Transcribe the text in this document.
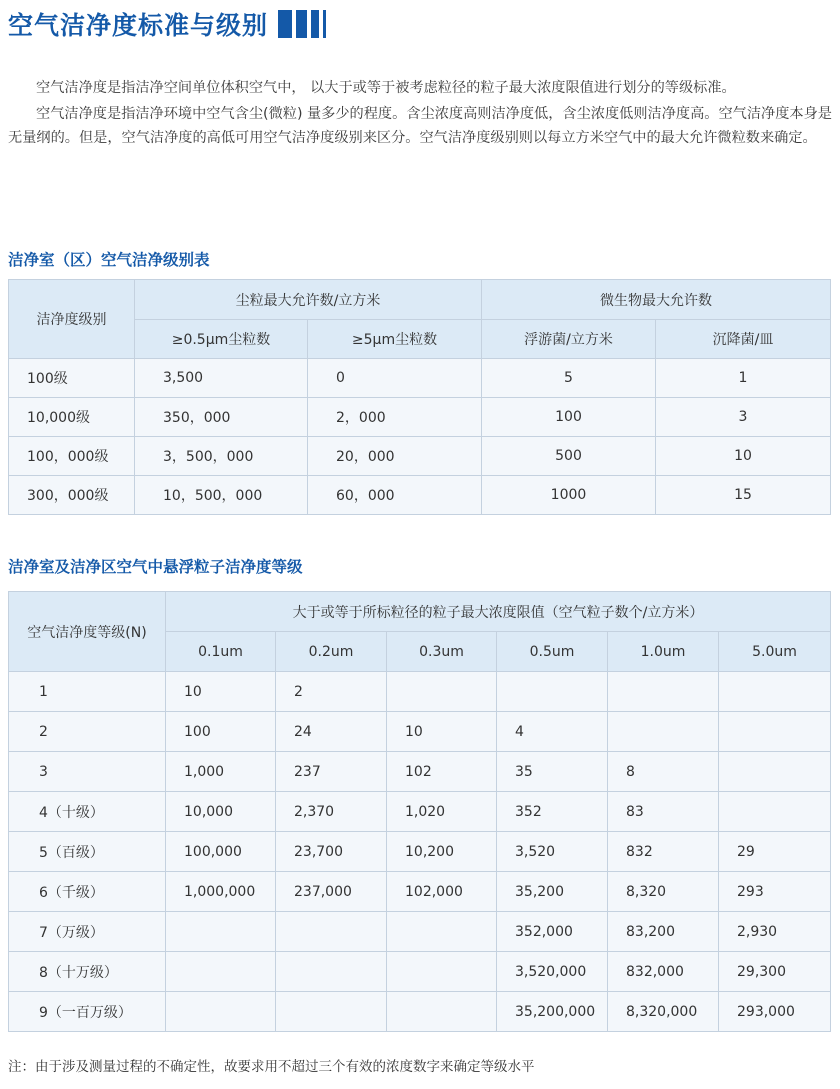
空气洁净度标准与级别

空气洁净度是指洁净空间单位体积空气中， 以大于或等于被考虑粒径的粒子最大浓度限值进行划分的等级标准。

空气洁净度是指洁净环境中空气含尘(微粒) 量多少的程度。含尘浓度高则洁净度低，含尘浓度低则洁净度高。空气洁净度本身是无量纲的。但是，空气洁净度的高低可用空气洁净度级别来区分。空气洁净度级别则以每立方米空气中的最大允许微粒数来确定。

洁净室（区）空气洁净级别表
洁净度级别	尘粒最大允许数/立方米		微生物最大允许数	
	≥0.5μm尘粒数	≥5μm尘粒数	浮游菌/立方米	沉降菌/皿
100级	3,500	0	5	1
10,000级	350，000	2，000	100	3
100，000级	3，500，000	20，000	500	10
300，000级	10，500，000	60，000	1000	15
洁净室及洁净区空气中悬浮粒子洁净度等级
空气洁净度等级(N)	大于或等于所标粒径的粒子最大浓度限值（空气粒子数个/立方米）					
	0.1um	0.2um	0.3um	0.5um	1.0um	5.0um
1	10	2				
2	100	24	10	4		
3	1,000	237	102	35	8	
4（十级）	10,000	2,370	1,020	352	83	
5（百级）	100,000	23,700	10,200	3,520	832	29
6（千级）	1,000,000	237,000	102,000	35,200	8,320	293
7（万级）				352,000	83,200	2,930
8（十万级）				3,520,000	832,000	29,300
9（一百万级）				35,200,000	8,320,000	293,000
注：由于涉及测量过程的不确定性，故要求用不超过三个有效的浓度数字来确定等级水平
